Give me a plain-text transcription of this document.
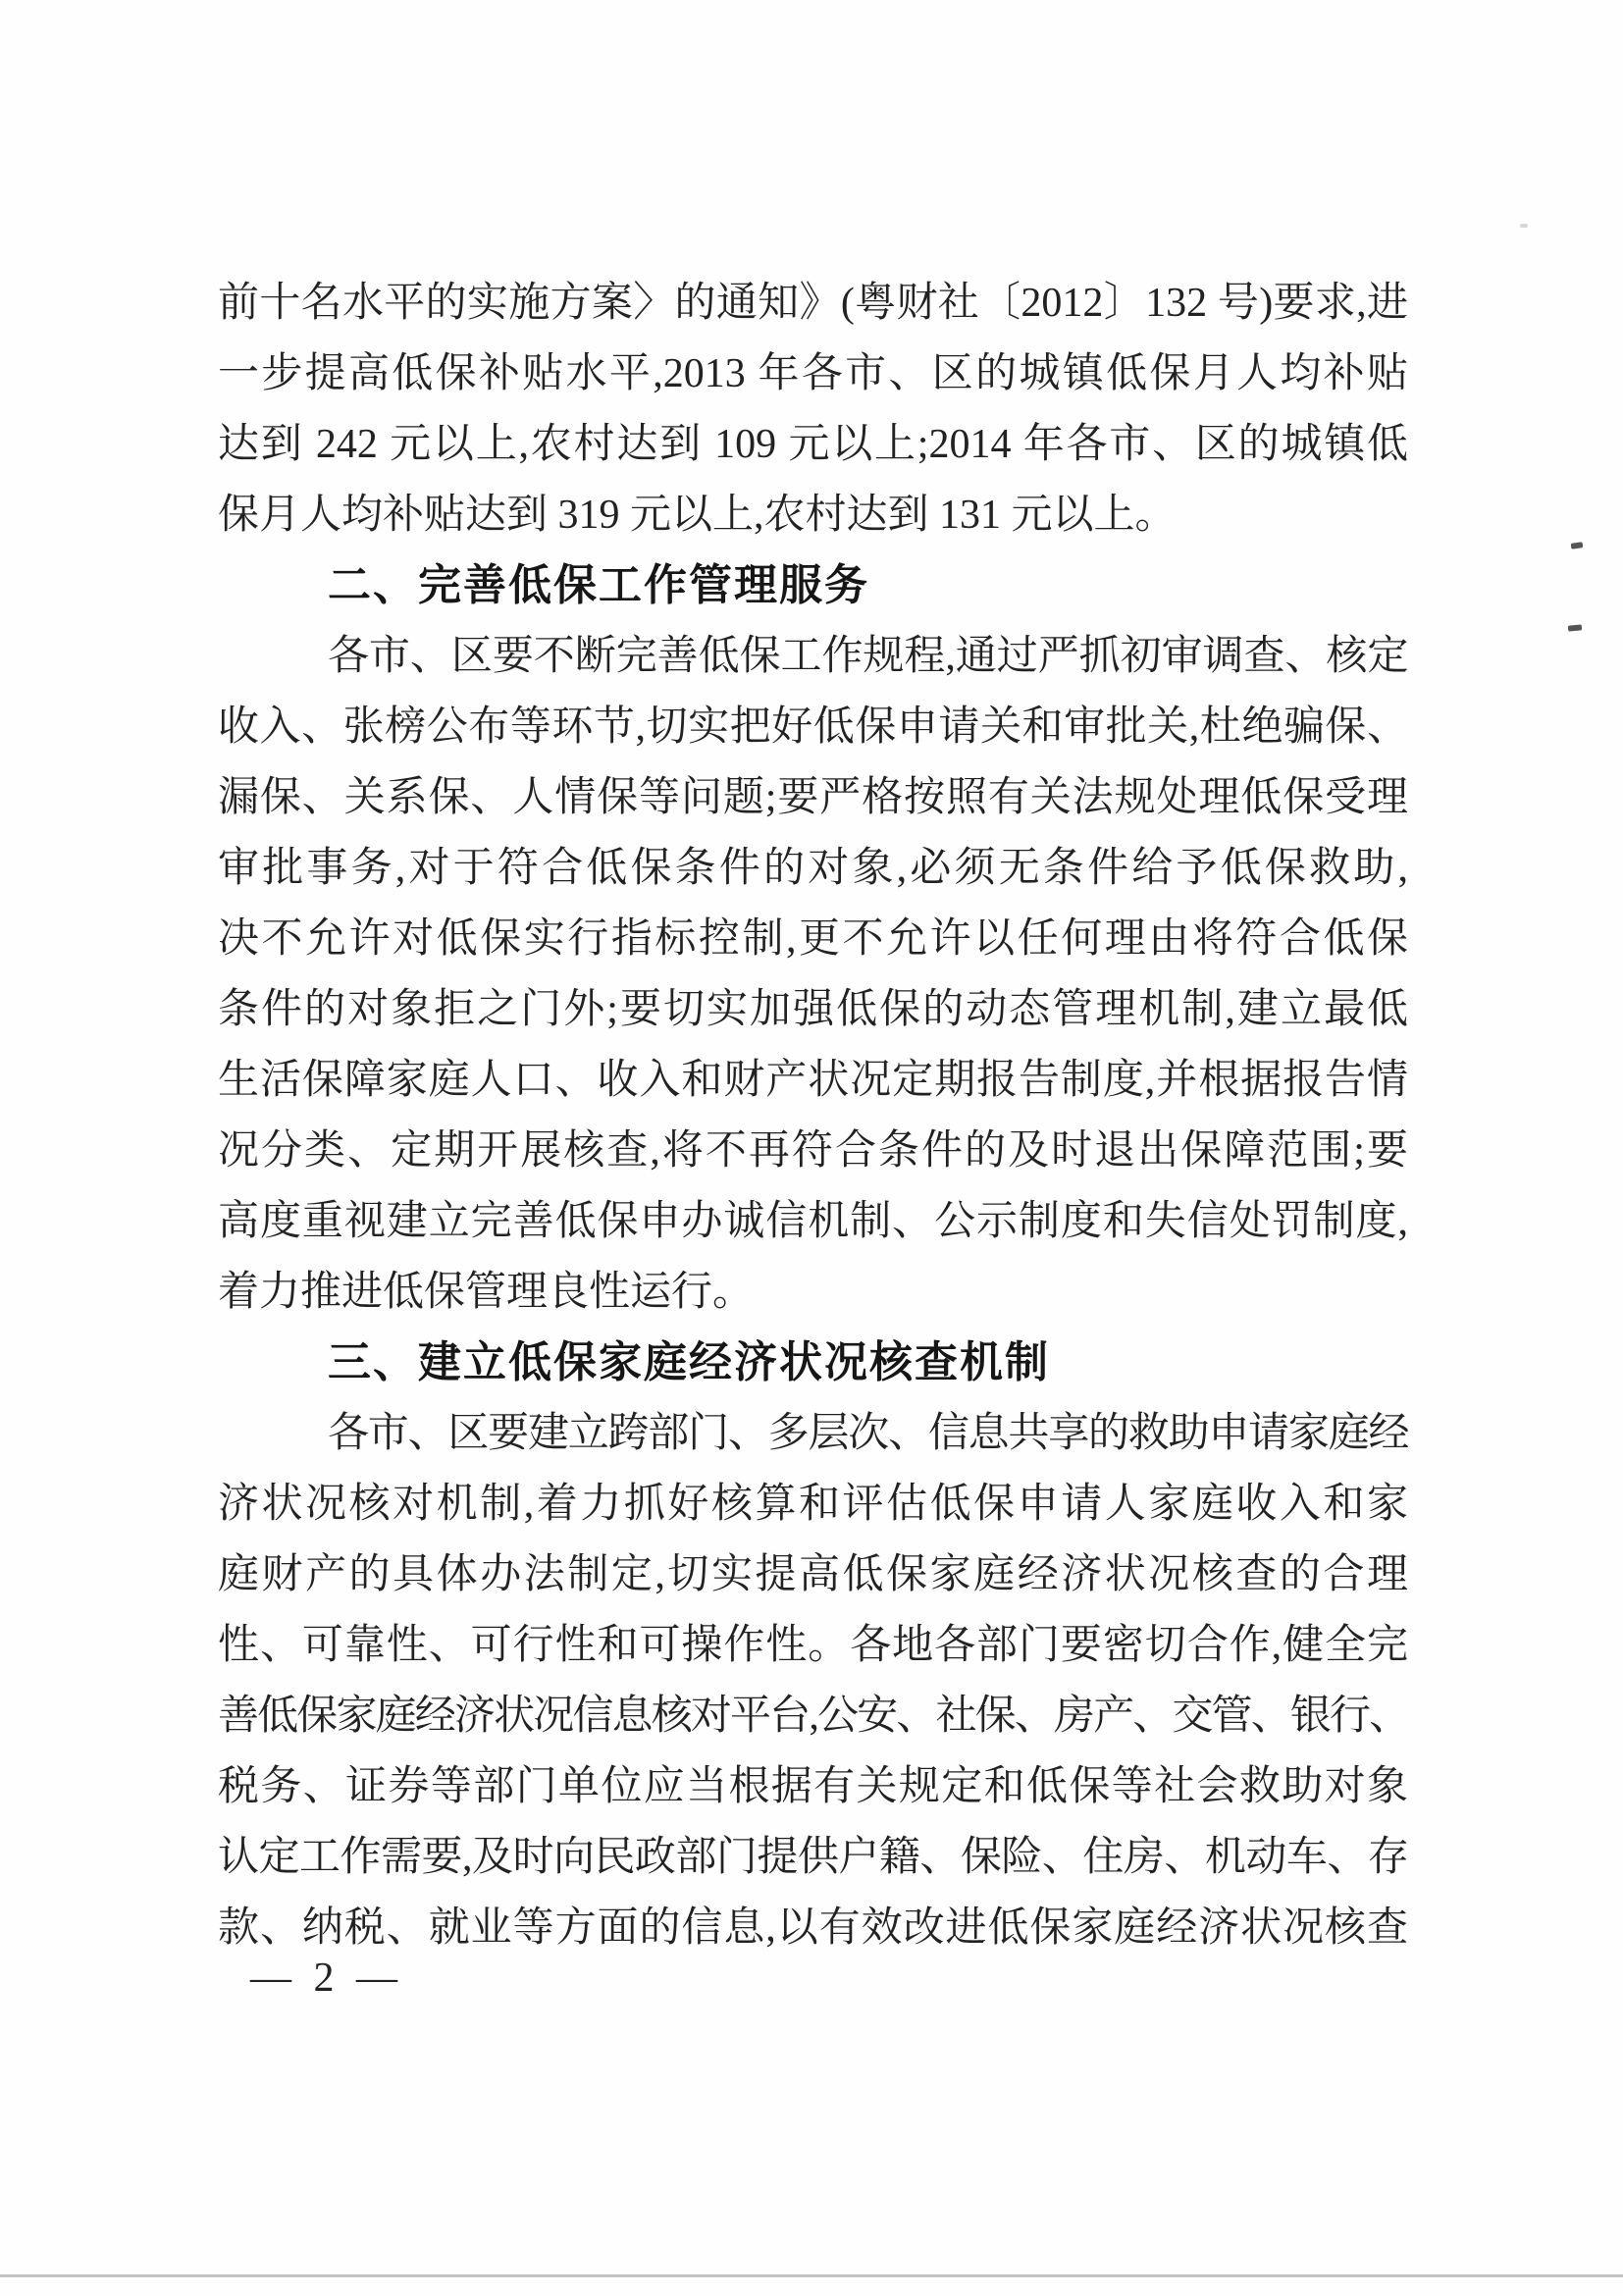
前十名水平的实施方案〉的通知》(粤财社〔2012〕132 号)要求,进
一步提高低保补贴水平,2013 年各市、区的城镇低保月人均补贴
达到 242 元以上,农村达到 109 元以上;2014 年各市、区的城镇低
保月人均补贴达到 319 元以上,农村达到 131 元以上。
二、完善低保工作管理服务
各市、区要不断完善低保工作规程,通过严抓初审调查、核定
收入、张榜公布等环节,切实把好低保申请关和审批关,杜绝骗保、
漏保、关系保、人情保等问题;要严格按照有关法规处理低保受理
审批事务,对于符合低保条件的对象,必须无条件给予低保救助,
决不允许对低保实行指标控制,更不允许以任何理由将符合低保
条件的对象拒之门外;要切实加强低保的动态管理机制,建立最低
生活保障家庭人口、收入和财产状况定期报告制度,并根据报告情
况分类、定期开展核查,将不再符合条件的及时退出保障范围;要
高度重视建立完善低保申办诚信机制、公示制度和失信处罚制度,
着力推进低保管理良性运行。
三、建立低保家庭经济状况核查机制
各市、区要建立跨部门、多层次、信息共享的救助申请家庭经
济状况核对机制,着力抓好核算和评估低保申请人家庭收入和家
庭财产的具体办法制定,切实提高低保家庭经济状况核查的合理
性、可靠性、可行性和可操作性。各地各部门要密切合作,健全完
善低保家庭经济状况信息核对平台,公安、社保、房产、交管、银行、
税务、证券等部门单位应当根据有关规定和低保等社会救助对象
认定工作需要,及时向民政部门提供户籍、保险、住房、机动车、存
款、纳税、就业等方面的信息,以有效改进低保家庭经济状况核查
— 2 —
